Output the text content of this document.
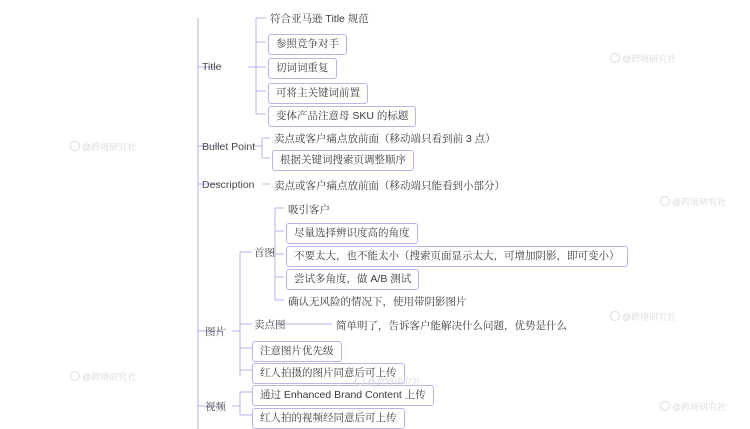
Title
Bullet Point
Description
图片
视频
首图
卖点图
符合亚马逊 Title 规范
参照竞争对手
切词词重复
可将主关键词前置
变体产品注意母 SKU 的标题
卖点或客户痛点放前面（移动端只看到前 3 点）
根据关键词搜索页调整顺序
卖点或客户痛点放前面（移动端只能看到小部分）
吸引客户
尽量选择辨识度高的角度
不要太大，也不能太小（搜索页面显示太大，可增加阴影，即可变小）
尝试多角度，做 A/B 测试
确认无风险的情况下，使用带阴影图片
简单明了，告诉客户能解决什么问题，优势是什么
注意图片优先级
红人拍摄的图片同意后可上传
通过 Enhanced Brand Content 上传
红人拍的视频经同意后可上传
@跨境研究社
@跨境研究社
@跨境研究社
@跨境研究社
@跨境研究社	@跨境研究社
@跨境研究社
